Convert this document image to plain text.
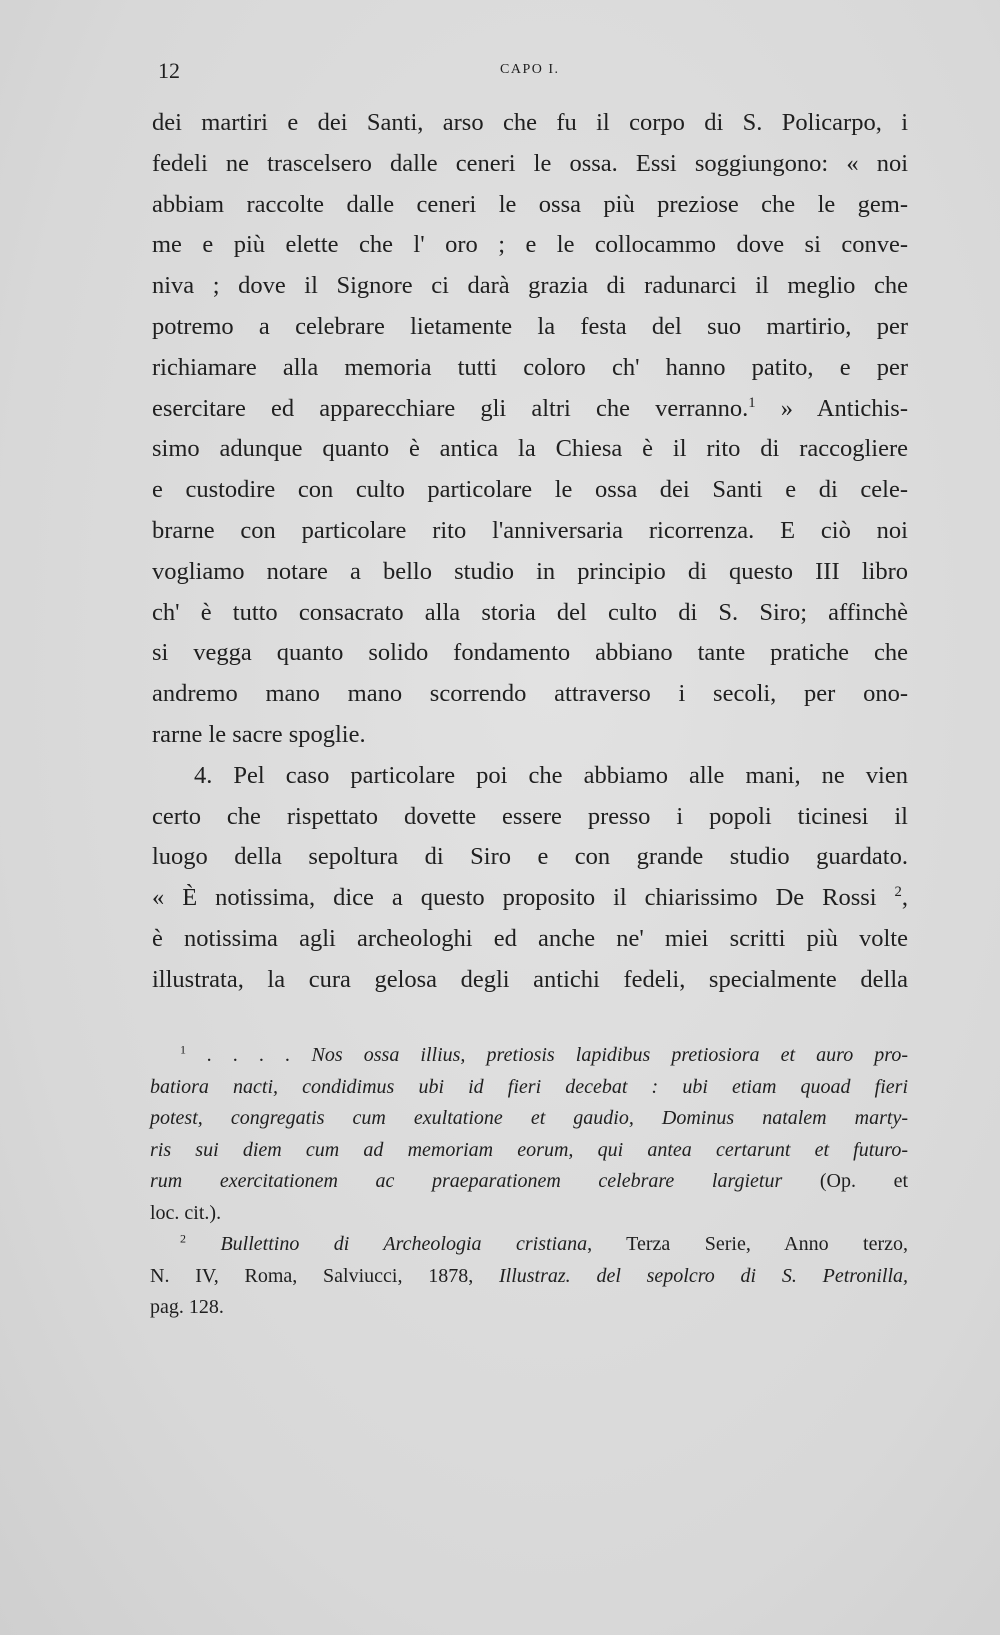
12	CAPO I.
dei martiri e dei Santi, arso che fu il corpo di S. Policarpo, i
fedeli ne trascelsero dalle ceneri le ossa. Essi soggiungono: « noi
abbiam raccolte dalle ceneri le ossa più preziose che le gem-
me e più elette che l' oro ; e le collocammo dove si conve-
niva ; dove il Signore ci darà grazia di radunarci il meglio che
potremo a celebrare lietamente la festa del suo martirio, per
richiamare alla memoria tutti coloro ch' hanno patito, e per
esercitare ed apparecchiare gli altri che verranno.$^1$ » Antichis-
simo adunque quanto è antica la Chiesa è il rito di raccogliere
e custodire con culto particolare le ossa dei Santi e di cele-
brarne con particolare rito l'anniversaria ricorrenza. E ciò noi
vogliamo notare a bello studio in principio di questo III libro
ch' è tutto consacrato alla storia del culto di S. Siro; affinchè
si vegga quanto solido fondamento abbiano tante pratiche che
andremo mano mano scorrendo attraverso i secoli, per ono-
rarne le sacre spoglie.
4. Pel caso particolare poi che abbiamo alle mani, ne vien
certo che rispettato dovette essere presso i popoli ticinesi il
luogo della sepoltura di Siro e con grande studio guardato.
« È notissima, dice a questo proposito il chiarissimo De Rossi $^2$,
è notissima agli archeologhi ed anche ne' miei scritti più volte
illustrata, la cura gelosa degli antichi fedeli, specialmente della
$^1$ . . . . Nos ossa illius, pretiosis lapidibus pretiosiora et auro pro-
batiora nacti, condidimus ubi id fieri decebat : ubi etiam quoad fieri
potest, congregatis cum exultatione et gaudio, Dominus natalem marty-
ris sui diem cum ad memoriam eorum, qui antea certarunt et futuro-
rum exercitationem ac praeparationem celebrare largietur (Op. et
loc. cit.).
$^2$ Bullettino di Archeologia cristiana, Terza Serie, Anno terzo,
N. IV, Roma, Salviucci, 1878, Illustraz. del sepolcro di S. Petronilla,
pag. 128.
